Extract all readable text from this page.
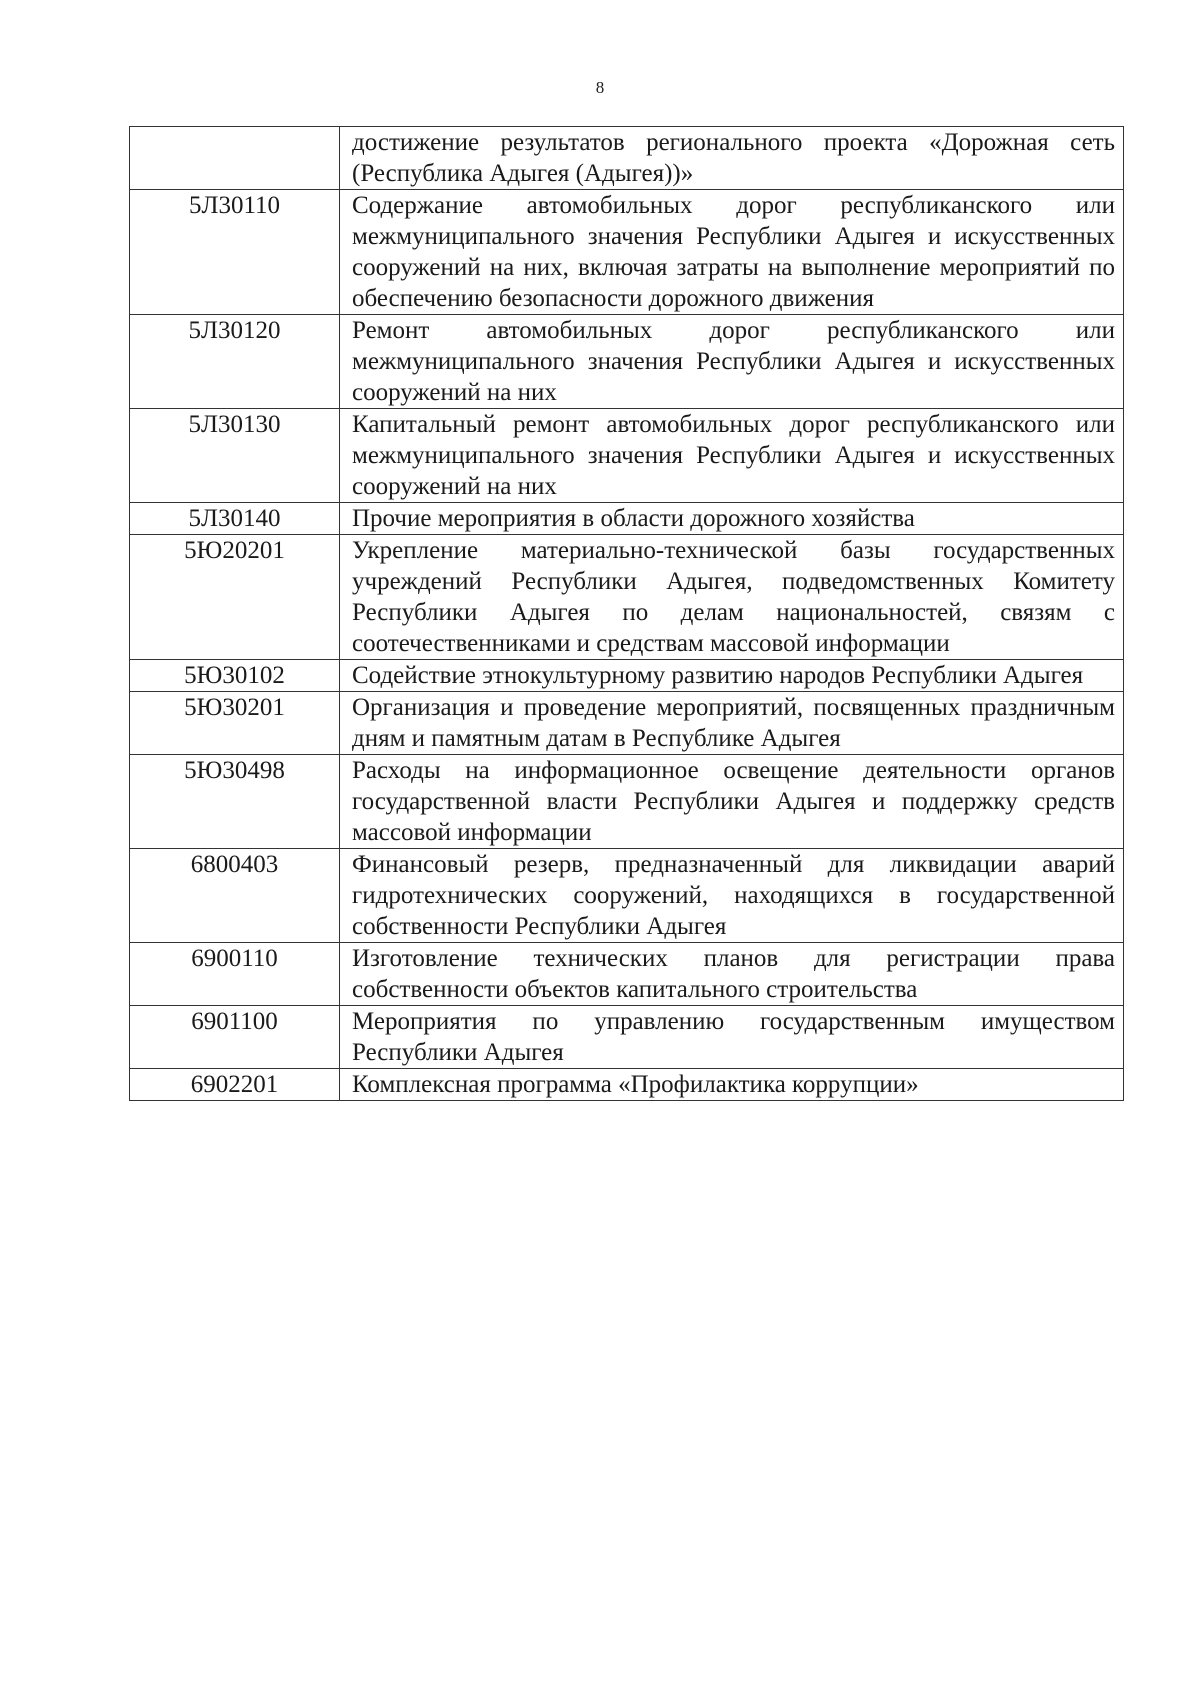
8
	достижение результатов регионального проекта «Дорожная сеть (Республика Адыгея (Адыгея))»
5Л30110	Содержание автомобильных дорог республиканского или межмуниципального значения Республики Адыгея и искусственных сооружений на них, включая затраты на выполнение мероприятий по обеспечению безопасности дорожного движения
5Л30120	Ремонт автомобильных дорог республиканского или межмуниципального значения Республики Адыгея и искусственных сооружений на них
5Л30130	Капитальный ремонт автомобильных дорог республиканского или межмуниципального значения Республики Адыгея и искусственных сооружений на них
5Л30140	Прочие мероприятия в области дорожного хозяйства
5Ю20201	Укрепление материально-технической базы государственных учреждений Республики Адыгея, подведомственных Комитету Республики Адыгея по делам национальностей, связям с соотечественниками и средствам массовой информации
5Ю30102	Содействие этнокультурному развитию народов Республики Адыгея
5Ю30201	Организация и проведение мероприятий, посвященных праздничным дням и памятным датам в Республике Адыгея
5Ю30498	Расходы на информационное освещение деятельности органов государственной власти Республики Адыгея и поддержку средств массовой информации
6800403	Финансовый резерв, предназначенный для ликвидации аварий гидротехнических сооружений, находящихся в государственной собственности Республики Адыгея
6900110	Изготовление технических планов для регистрации права собственности объектов капитального строительства
6901100	Мероприятия по управлению государственным имуществом Республики Адыгея
6902201	Комплексная программа «Профилактика коррупции»
